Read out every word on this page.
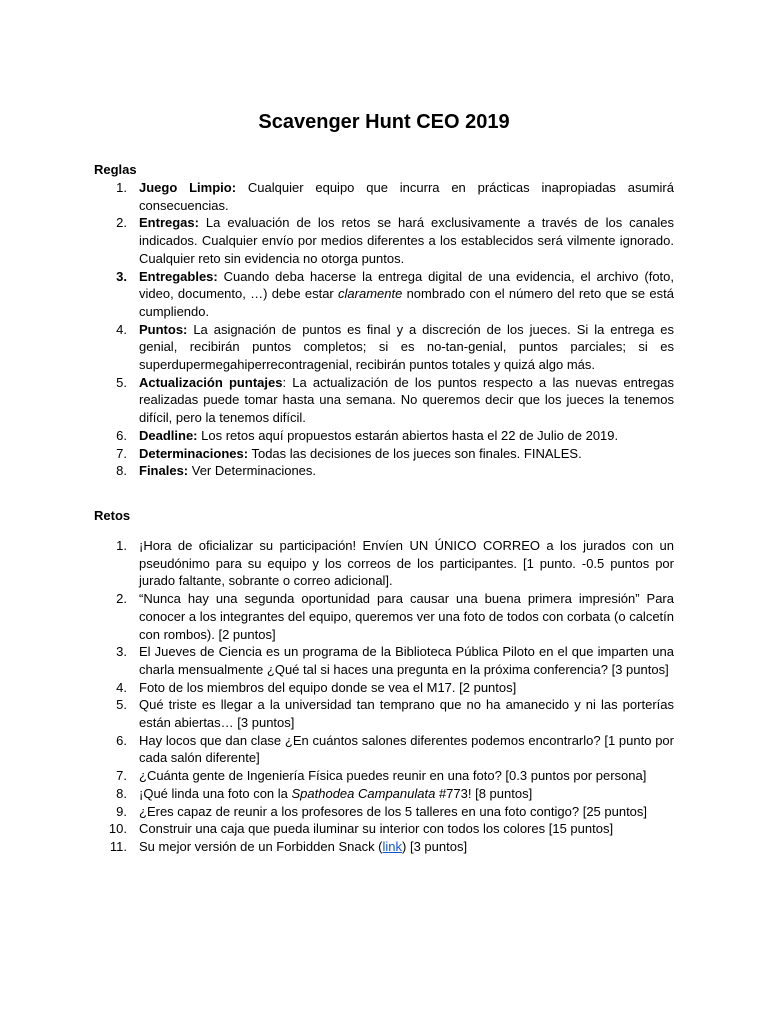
Scavenger Hunt CEO 2019
Reglas
1. Juego Limpio: Cualquier equipo que incurra en prácticas inapropiadas asumirá consecuencias.
2. Entregas: La evaluación de los retos se hará exclusivamente a través de los canales indicados. Cualquier envío por medios diferentes a los establecidos será vilmente ignorado. Cualquier reto sin evidencia no otorga puntos.
3. Entregables: Cuando deba hacerse la entrega digital de una evidencia, el archivo (foto, video, documento, …) debe estar claramente nombrado con el número del reto que se está cumpliendo.
4. Puntos: La asignación de puntos es final y a discreción de los jueces. Si la entrega es genial, recibirán puntos completos; si es no-tan-genial, puntos parciales; si es superdupermegahiperrecontragenial, recibirán puntos totales y quizá algo más.
5. Actualización puntajes: La actualización de los puntos respecto a las nuevas entregas realizadas puede tomar hasta una semana. No queremos decir que los jueces la tenemos difícil, pero la tenemos difícil.
6. Deadline: Los retos aquí propuestos estarán abiertos hasta el 22 de Julio de 2019.
7. Determinaciones: Todas las decisiones de los jueces son finales. FINALES.
8. Finales: Ver Determinaciones.
Retos
1. ¡Hora de oficializar su participación! Envíen UN ÚNICO CORREO a los jurados con un pseudónimo para su equipo y los correos de los participantes. [1 punto. -0.5 puntos por jurado faltante, sobrante o correo adicional].
2. “Nunca hay una segunda oportunidad para causar una buena primera impresión” Para conocer a los integrantes del equipo, queremos ver una foto de todos con corbata (o calcetín con rombos). [2 puntos]
3. El Jueves de Ciencia es un programa de la Biblioteca Pública Piloto en el que imparten una charla mensualmente ¿Qué tal si haces una pregunta en la próxima conferencia? [3 puntos]
4. Foto de los miembros del equipo donde se vea el M17. [2 puntos]
5. Qué triste es llegar a la universidad tan temprano que no ha amanecido y ni las porterías están abiertas… [3 puntos]
6. Hay locos que dan clase ¿En cuántos salones diferentes podemos encontrarlo? [1 punto por cada salón diferente]
7. ¿Cuánta gente de Ingeniería Física puedes reunir en una foto? [0.3 puntos por persona]
8. ¡Qué linda una foto con la Spathodea Campanulata #773! [8 puntos]
9. ¿Eres capaz de reunir a los profesores de los 5 talleres en una foto contigo? [25 puntos]
10. Construir una caja que pueda iluminar su interior con todos los colores [15 puntos]
11. Su mejor versión de un Forbidden Snack (link) [3 puntos]
